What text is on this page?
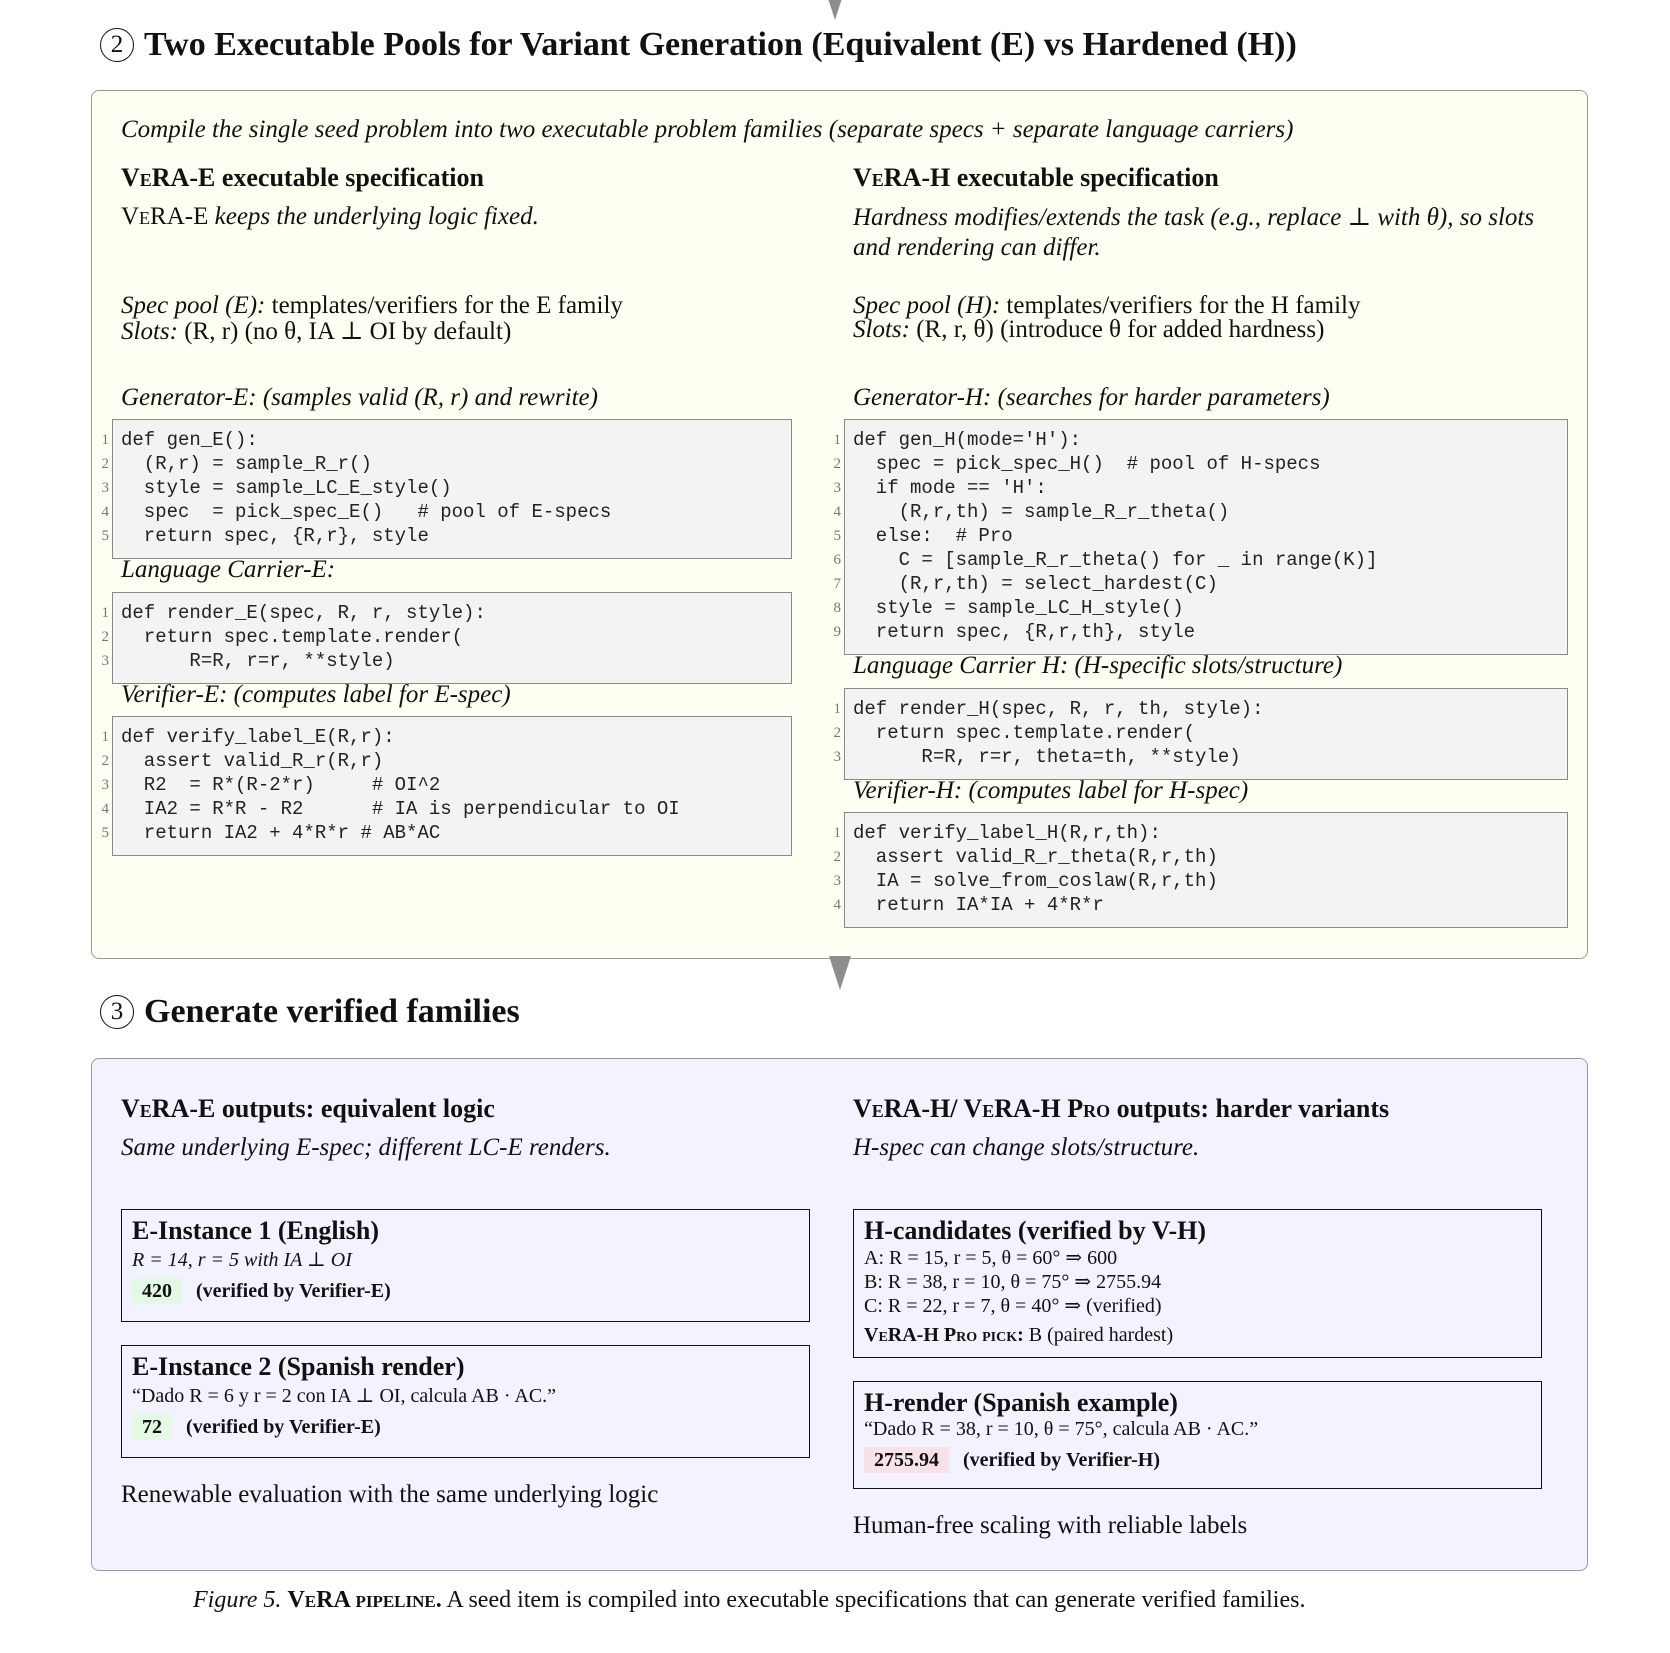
2 Two Executable Pools for Variant Generation (Equivalent (E) vs Hardened (H))
Compile the single seed problem into two executable problem families (separate specs + separate language carriers)
VeRA-E executable specification
VeRA-E keeps the underlying logic fixed.
Spec pool (E): templates/verifiers for the E family
Slots: (R, r) (no θ, IA ⊥ OI by default)
Generator-E: (samples valid (R, r) and rewrite)
1 def gen_E():
2 (R,r) = sample_R_r()
3 style = sample_LC_E_style()
4 spec  = pick_spec_E()   # pool of E-specs
5 return spec, {R,r}, style
Language Carrier-E:
1 def render_E(spec, R, r, style):
2 return spec.template.render(
3 R=R, r=r, **style)
Verifier-E: (computes label for E-spec)
1 def verify_label_E(R,r):
2 assert valid_R_r(R,r)
3 R2  = R*(R-2*r)     # OI^2
4 IA2 = R*R - R2      # IA is perpendicular to OI
5 return IA2 + 4*R*r # AB*AC
VeRA-H executable specification
Hardness modifies/extends the task (e.g., replace ⊥ with θ), so slots and rendering can differ.
Spec pool (H): templates/verifiers for the H family
Slots: (R, r, θ) (introduce θ for added hardness)
Generator-H: (searches for harder parameters)
1 def gen_H(mode='H'):
2 spec = pick_spec_H()  # pool of H-specs
3 if mode == 'H':
4 (R,r,th) = sample_R_r_theta()
5 else:  # Pro
6 C = [sample_R_r_theta() for _ in range(K)]
7 (R,r,th) = select_hardest(C)
8 style = sample_LC_H_style()
9 return spec, {R,r,th}, style
Language Carrier H: (H-specific slots/structure)
1 def render_H(spec, R, r, th, style):
2 return spec.template.render(
3 R=R, r=r, theta=th, **style)
Verifier-H: (computes label for H-spec)
1 def verify_label_H(R,r,th):
2 assert valid_R_r_theta(R,r,th)
3 IA = solve_from_coslaw(R,r,th)
4 return IA*IA + 4*R*r
3 Generate verified families
VeRA-E outputs: equivalent logic
Same underlying E-spec; different LC-E renders.
E-Instance 1 (English)
R = 14, r = 5 with IA ⊥ OI
420 (verified by Verifier-E)
E-Instance 2 (Spanish render)
“Dado R = 6 y r = 2 con IA ⊥ OI, calcula AB · AC.”
72 (verified by Verifier-E)
Renewable evaluation with the same underlying logic
VeRA-H/ VeRA-H Pro outputs: harder variants
H-spec can change slots/structure.
H-candidates (verified by V-H)
A: R = 15, r = 5, θ = 60° ⇒ 600
B: R = 38, r = 10, θ = 75° ⇒ 2755.94
C: R = 22, r = 7, θ = 40° ⇒ (verified)
VeRA-H Pro pick: B (paired hardest)
H-render (Spanish example)
“Dado R = 38, r = 10, θ = 75°, calcula AB · AC.”
2755.94 (verified by Verifier-H)
Human-free scaling with reliable labels
Figure 5. VeRA pipeline. A seed item is compiled into executable specifications that can generate verified families.
